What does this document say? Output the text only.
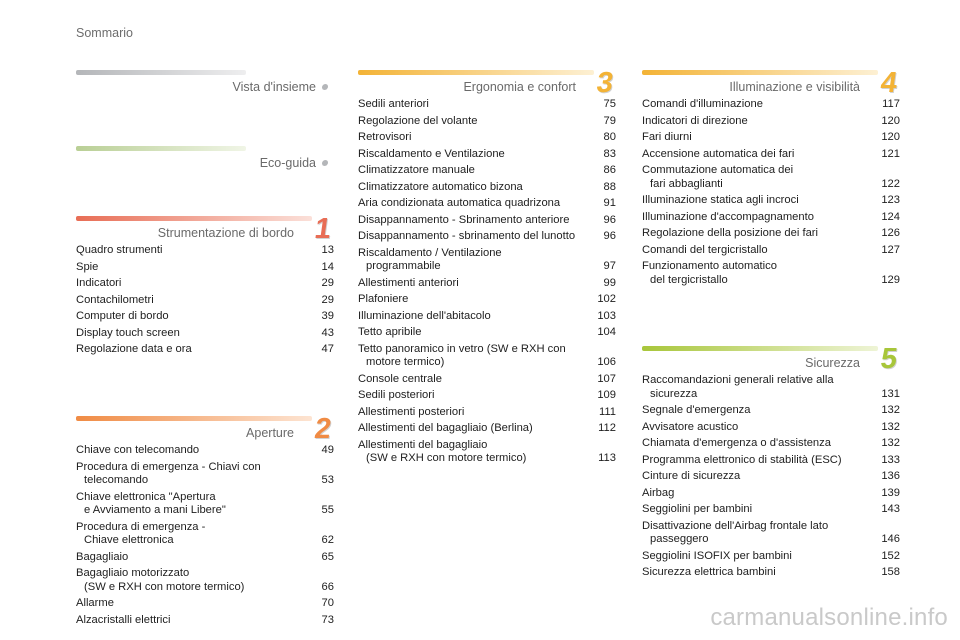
Sommario
Vista d'insieme
Eco-guida
Strumentazione di bordo 1
Quadro strumenti	13
Spie	14
Indicatori	29
Contachilometri	29
Computer di bordo	39
Display touch screen	43
Regolazione data e ora	47
Aperture 2
Chiave con telecomando	49
Procedura di emergenza - Chiavi con
telecomando	53
Chiave elettronica "Apertura
e Avviamento a mani Libere"	55
Procedura di emergenza -
Chiave elettronica	62
Bagagliaio	65
Bagagliaio motorizzato
(SW e RXH con motore termico)	66
Allarme	70
Alzacristalli elettrici	73
Ergonomia e confort 3
Sedili anteriori	75
Regolazione del volante	79
Retrovisori	80
Riscaldamento e Ventilazione	83
Climatizzatore manuale	86
Climatizzatore automatico bizona	88
Aria condizionata automatica quadrizona	91
Disappannamento - Sbrinamento anteriore	96
Disappannamento - sbrinamento del lunotto	96
Riscaldamento / Ventilazione
programmabile	97
Allestimenti anteriori	99
Plafoniere	102
Illuminazione dell'abitacolo	103
Tetto apribile	104
Tetto panoramico in vetro (SW e RXH con
motore termico)	106
Console centrale	107
Sedili posteriori	109
Allestimenti posteriori	111
Allestimenti del bagagliaio (Berlina)	112
Allestimenti del bagagliaio
(SW e RXH con motore termico)	113
Illuminazione e visibilità 4
Comandi d'illuminazione	117
Indicatori di direzione	120
Fari diurni	120
Accensione automatica dei fari	121
Commutazione automatica dei
fari abbaglianti	122
Illuminazione statica agli incroci	123
Illuminazione d'accompagnamento	124
Regolazione della posizione dei fari	126
Comandi del tergicristallo	127
Funzionamento automatico
del tergicristallo	129
Sicurezza 5
Raccomandazioni generali relative alla
sicurezza	131
Segnale d'emergenza	132
Avvisatore acustico	132
Chiamata d'emergenza o d'assistenza	132
Programma elettronico di stabilità (ESC)	133
Cinture di sicurezza	136
Airbag	139
Seggiolini per bambini	143
Disattivazione dell'Airbag frontale lato
passeggero	146
Seggiolini ISOFIX per bambini	152
Sicurezza elettrica bambini	158
carmanualsonline.info
